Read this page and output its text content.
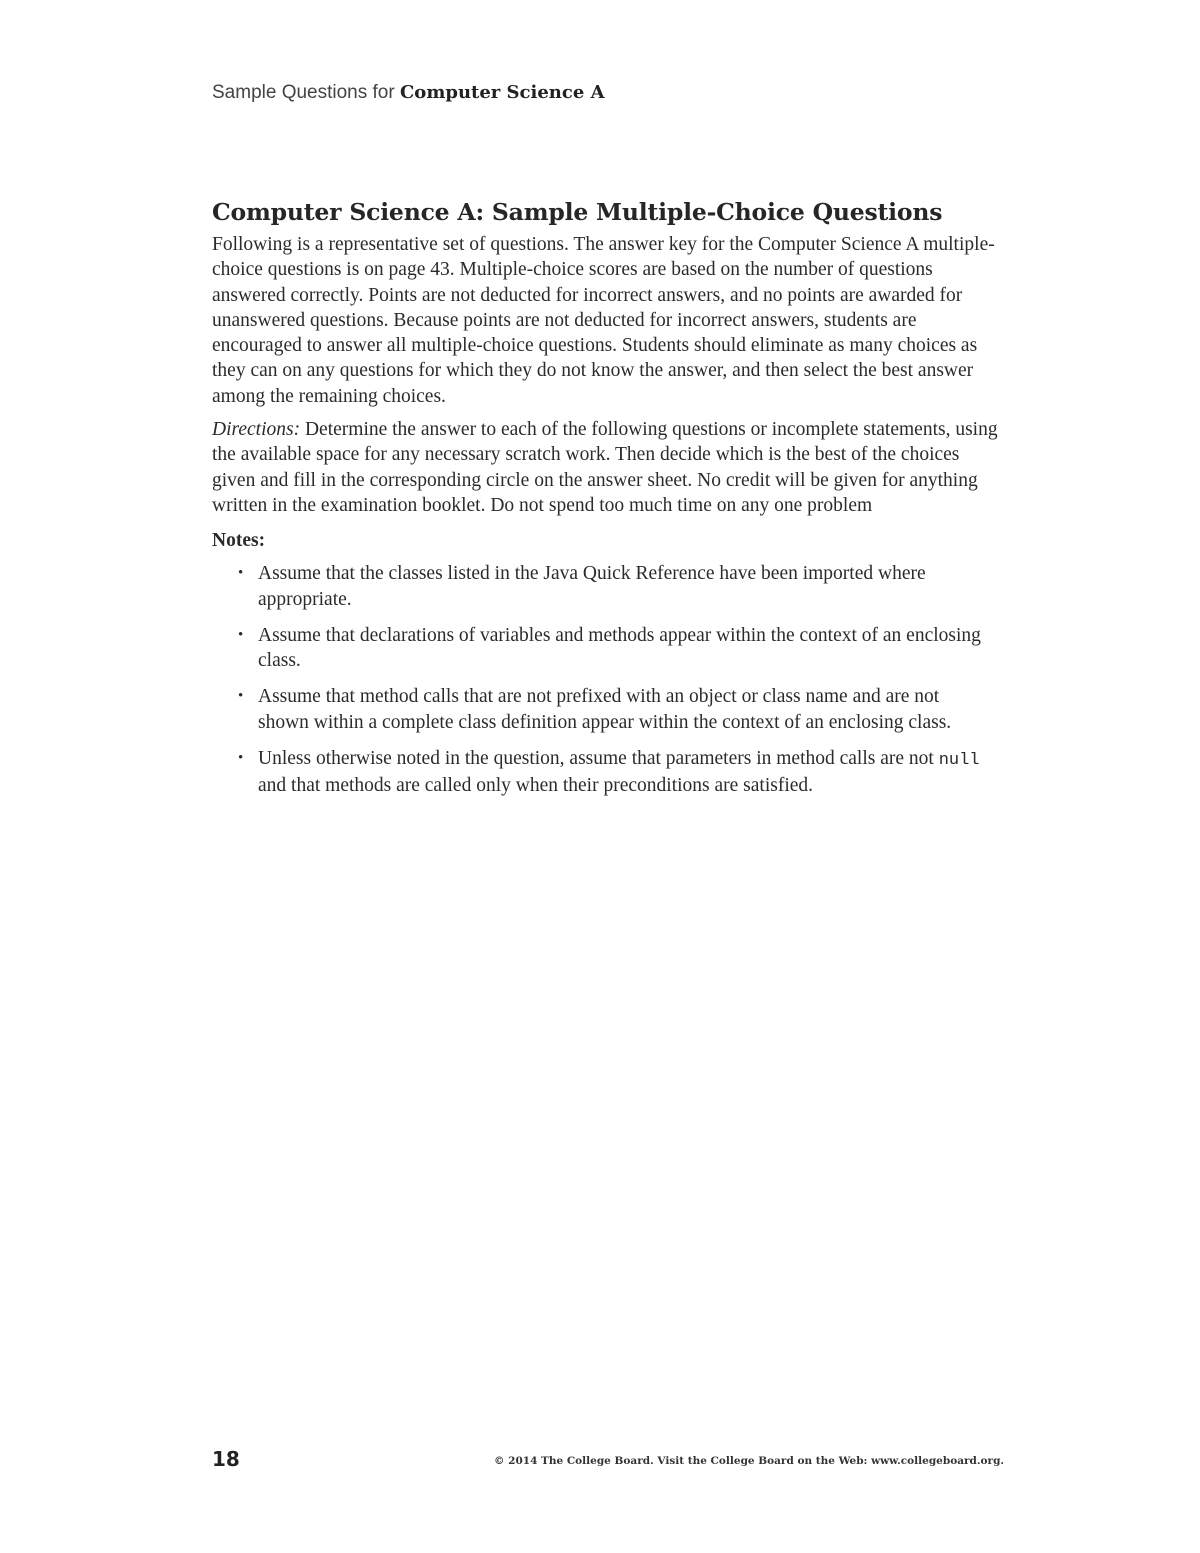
Sample Questions for Computer Science A
Computer Science A: Sample Multiple-Choice Questions

Following is a representative set of questions. The answer key for the Computer Science A multiple-choice questions is on page 43. Multiple-choice scores are based on the number of questions answered correctly. Points are not deducted for incorrect answers, and no points are awarded for unanswered questions. Because points are not deducted for incorrect answers, students are encouraged to answer all multiple-choice questions. Students should eliminate as many choices as they can on any questions for which they do not know the answer, and then select the best answer among the remaining choices.

Directions: Determine the answer to each of the following questions or incomplete statements, using the available space for any necessary scratch work. Then decide which is the best of the choices given and fill in the corresponding circle on the answer sheet. No credit will be given for anything written in the examination booklet. Do not spend too much time on any one problem

Notes:
• Assume that the classes listed in the Java Quick Reference have been imported where appropriate.
• Assume that declarations of variables and methods appear within the context of an enclosing class.
• Assume that method calls that are not prefixed with an object or class name and are not shown within a complete class definition appear within the context of an enclosing class.
• Unless otherwise noted in the question, assume that parameters in method calls are not null and that methods are called only when their preconditions are satisfied.
18	© 2014 The College Board. Visit the College Board on the Web: www.collegeboard.org.
